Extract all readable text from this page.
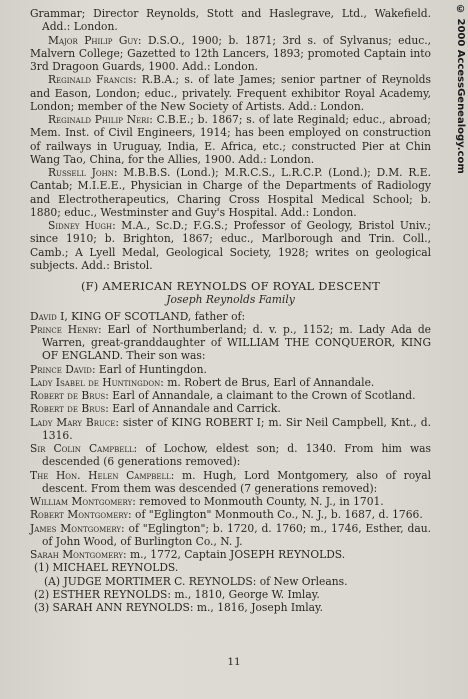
© 2000 AccessGenealogy.com

Grammar; Director Reynolds, Stott and Haslegrave, Ltd., Wakefield. Add.: London.

Major Philip Guy: D.S.O., 1900; b. 1871; 3rd s. of Sylvanus; educ., Malvern College; Gazetted to 12th Lancers, 1893; promoted Captain into 3rd Dragoon Guards, 1900. Add.: London.

Reginald Francis: R.B.A.; s. of late James; senior partner of Reynolds and Eason, London; educ., privately. Frequent exhibitor Royal Academy, London; member of the New Society of Artists. Add.: London.

Reginald Philip Neri: C.B.E.; b. 1867; s. of late Reginald; educ., abroad; Mem. Inst. of Civil Engineers, 1914; has been employed on construction of railways in Uruguay, India, E. Africa, etc.; constructed Pier at Chin Wang Tao, China, for the Allies, 1900. Add.: London.

Russell John: M.B.B.S. (Lond.); M.R.C.S., L.R.C.P. (Lond.); D.M. R.E. Cantab; M.I.E.E., Physician in Charge of the Departments of Radiology and Electrotherapeutics, Charing Cross Hospital Medical School; b. 1880; educ., Westminster and Guy's Hospital. Add.: London.

Sidney Hugh: M.A., Sc.D.; F.G.S.; Professor of Geology, Bristol Univ.; since 1910; b. Brighton, 1867; educ., Marlborough and Trin. Coll., Camb.; A Lyell Medal, Geological Society, 1928; writes on geological subjects. Add.: Bristol.

(F) AMERICAN REYNOLDS OF ROYAL DESCENT

Joseph Reynolds Family

David I, KING OF SCOTLAND, father of:

Prince Henry: Earl of Northumberland; d. v. p., 1152; m. Lady Ada de Warren, great-granddaughter of WILLIAM THE CONQUEROR, KING OF ENGLAND. Their son was:

Prince David: Earl of Huntingdon.

Lady Isabel de Huntingdon: m. Robert de Brus, Earl of Annandale.

Robert de Brus: Earl of Annandale, a claimant to the Crown of Scotland.

Robert de Brus: Earl of Annandale and Carrick.

Lady Mary Bruce: sister of KING ROBERT I; m. Sir Neil Campbell, Knt., d. 1316.

Sir Colin Campbell: of Lochow, eldest son; d. 1340. From him was descended (6 generations removed):

The Hon. Helen Campbell: m. Hugh, Lord Montgomery, also of royal descent. From them was descended (7 generations removed):

William Montgomery: removed to Monmouth County, N. J., in 1701.

Robert Montgomery: of "Eglington" Monmouth Co., N. J., b. 1687, d. 1766.

James Montgomery: of "Eglington"; b. 1720, d. 1760; m., 1746, Esther, dau. of John Wood, of Burlington Co., N. J.

Sarah Montgomery: m., 1772, Captain JOSEPH REYNOLDS.

(1) MICHAEL REYNOLDS.

(A) JUDGE MORTIMER C. REYNOLDS: of New Orleans.

(2) ESTHER REYNOLDS: m., 1810, George W. Imlay.

(3) SARAH ANN REYNOLDS: m., 1816, Joseph Imlay.

11
